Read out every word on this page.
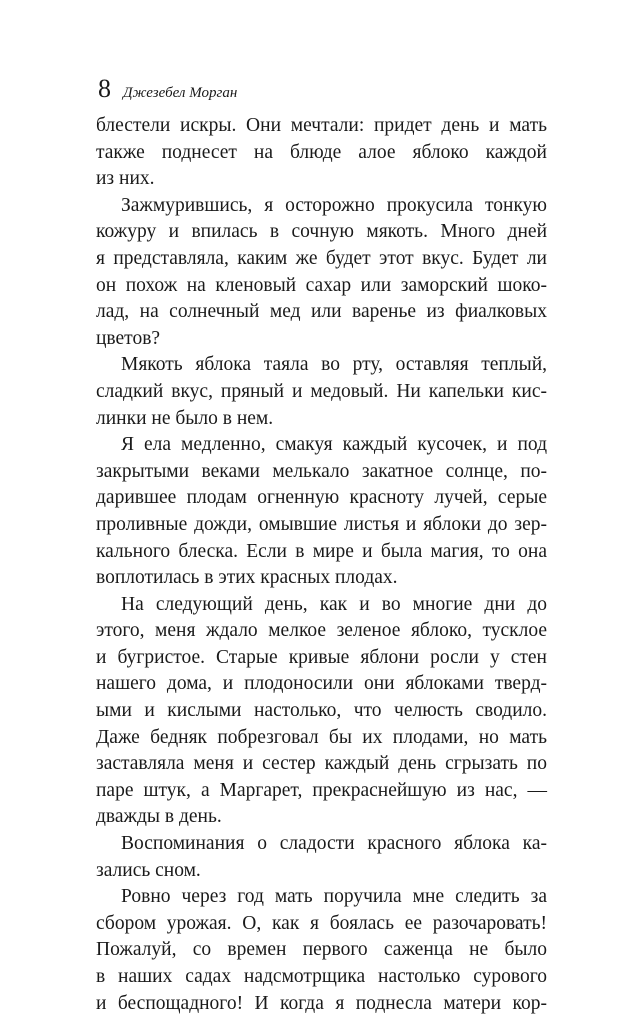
8 Джезебел Морган
блестели искры. Они мечтали: придет день и мать
также поднесет на блюде алое яблоко каждой
из них.
Зажмурившись, я осторожно прокусила тонкую
кожуру и впилась в сочную мякоть. Много дней
я представляла, каким же будет этот вкус. Будет ли
он похож на кленовый сахар или заморский шоко-
лад, на солнечный мед или варенье из фиалковых
цветов?
Мякоть яблока таяла во рту, оставляя теплый,
сладкий вкус, пряный и медовый. Ни капельки кис-
линки не было в нем.
Я ела медленно, смакуя каждый кусочек, и под
закрытыми веками мелькало закатное солнце, по-
дарившее плодам огненную красноту лучей, серые
проливные дожди, омывшие листья и яблоки до зер-
кального блеска. Если в мире и была магия, то она
воплотилась в этих красных плодах.
На следующий день, как и во многие дни до
этого, меня ждало мелкое зеленое яблоко, тусклое
и бугристое. Старые кривые яблони росли у стен
нашего дома, и плодоносили они яблоками тверд-
ыми и кислыми настолько, что челюсть сводило.
Даже бедняк побрезговал бы их плодами, но мать
заставляла меня и сестер каждый день сгрызать по
паре штук, а Маргарет, прекраснейшую из нас, —
дважды в день.
Воспоминания о сладости красного яблока ка-
зались сном.
Ровно через год мать поручила мне следить за
сбором урожая. О, как я боялась ее разочаровать!
Пожалуй, со времен первого саженца не было
в наших садах надсмотрщика настолько сурового
и беспощадного! И когда я поднесла матери кор-
